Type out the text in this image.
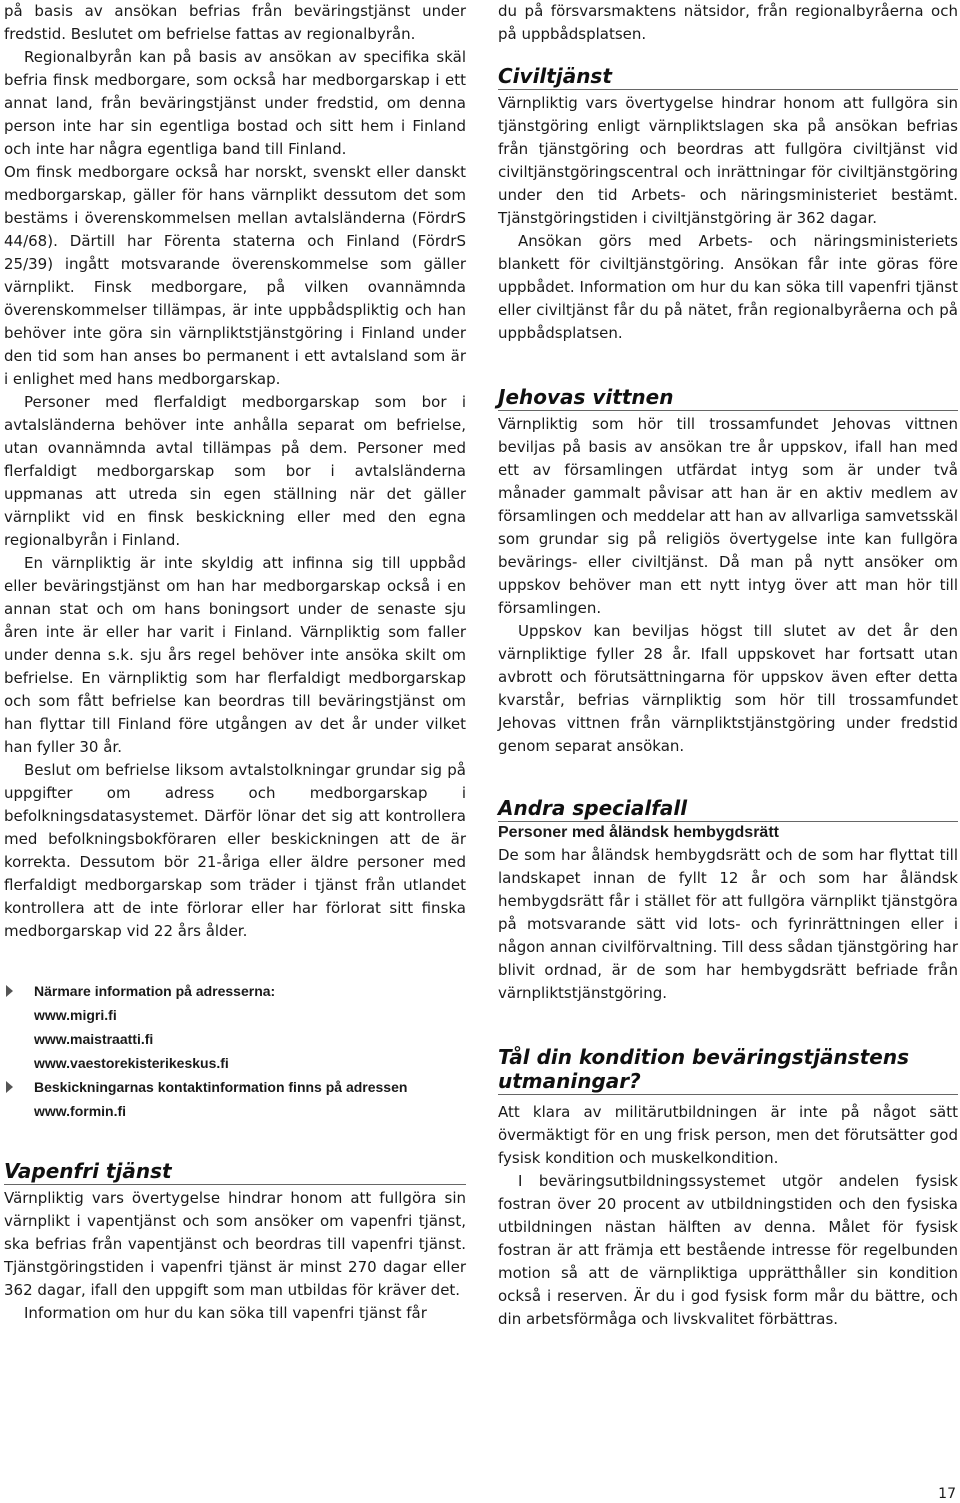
på basis av ansökan befrias från beväringstjänst under fredstid. Beslutet om befrielse fattas av regionalbyrån.

Regionalbyrån kan på basis av ansökan av specifika skäl befria finsk medborgare, som också har medborgarskap i ett annat land, från beväringstjänst under fredstid, om denna person inte har sin egentliga bostad och sitt hem i Finland och inte har några egentliga band till Finland.

Om finsk medborgare också har norskt, svenskt eller danskt medborgarskap, gäller för hans värnplikt dessutom det som bestäms i överenskommelsen mellan avtalsländerna (FördrS 44/68). Därtill har Förenta staterna och Finland (FördrS 25/39) ingått motsvarande överenskommelse som gäller värnplikt. Finsk medborgare, på vilken ovannämnda överenskommelser tillämpas, är inte uppbådspliktig och han behöver inte göra sin värnpliktstjänstgöring i Finland under den tid som han anses bo permanent i ett avtalsland som är i enlighet med hans medborgarskap.

Personer med flerfaldigt medborgarskap som bor i avtalsländerna behöver inte anhålla separat om befrielse, utan ovannämnda avtal tillämpas på dem. Personer med flerfaldigt medborgarskap som bor i avtalsländerna uppmanas att utreda sin egen ställning när det gäller värnplikt vid en finsk beskickning eller med den egna regionalbyrån i Finland.

En värnpliktig är inte skyldig att infinna sig till uppbåd eller beväringstjänst om han har medborgarskap också i en annan stat och om hans boningsort under de senaste sju åren inte är eller har varit i Finland. Värnpliktig som faller under denna s.k. sju års regel behöver inte ansöka skilt om befrielse. En värnpliktig som har flerfaldigt medborgarskap och som fått befrielse kan beordras till beväringstjänst om han flyttar till Finland före utgången av det år under vilket han fyller 30 år.

Beslut om befrielse liksom avtalstolkningar grundar sig på uppgifter om adress och medborgarskap i befolkningsdatasystemet. Därför lönar det sig att kontrollera med befolkningsbokföraren eller beskickningen att de är korrekta. Dessutom bör 21-åriga eller äldre personer med flerfaldigt medborgarskap som träder i tjänst från utlandet kontrollera att de inte förlorar eller har förlorat sitt finska medborgarskap vid 22 års ålder.

Närmare information på adresserna:
www.migri.fi
www.maistraatti.fi
www.vaestorekisterikeskus.fi
Beskickningarnas kontaktinformation finns på adressen
www.formin.fi
Vapenfri tjänst

Värnpliktig vars övertygelse hindrar honom att fullgöra sin värnplikt i vapentjänst och som ansöker om vapenfri tjänst, ska befrias från vapentjänst och beordras till vapenfri tjänst. Tjänstgöringstiden i vapenfri tjänst är minst 270 dagar eller 362 dagar, ifall den uppgift som man utbildas för kräver det.

Information om hur du kan söka till vapenfri tjänst får

du på försvarsmaktens nätsidor, från regionalbyråerna och på uppbådsplatsen.

Civiltjänst

Värnpliktig vars övertygelse hindrar honom att fullgöra sin tjänstgöring enligt värnpliktslagen ska på ansökan befrias från tjänstgöring och beordras att fullgöra civiltjänst vid civiltjänstgöringscentral och inrättningar för civiltjänstgöring under den tid Arbets- och näringsministeriet bestämt. Tjänstgöringstiden i civiltjänstgöring är 362 dagar.

Ansökan görs med Arbets- och näringsministeriets blankett för civiltjänstgöring. Ansökan får inte göras före uppbådet. Information om hur du kan söka till vapenfri tjänst eller civiltjänst får du på nätet, från regionalbyråerna och på uppbådsplatsen.

Jehovas vittnen

Värnpliktig som hör till trossamfundet Jehovas vittnen beviljas på basis av ansökan tre år uppskov, ifall han med ett av församlingen utfärdat intyg som är under två månader gammalt påvisar att han är en aktiv medlem av församlingen och meddelar att han av allvarliga samvetsskäl som grundar sig på religiös övertygelse inte kan fullgöra bevärings- eller civiltjänst. Då man på nytt ansöker om uppskov behöver man ett nytt intyg över att man hör till församlingen.

Uppskov kan beviljas högst till slutet av det år den värnpliktige fyller 28 år. Ifall uppskovet har fortsatt utan avbrott och förutsättningarna för uppskov även efter detta kvarstår, befrias värnpliktig som hör till trossamfundet Jehovas vittnen från värnpliktstjänstgöring under fredstid genom separat ansökan.

Andra specialfall
Personer med åländsk hembygdsrätt

De som har åländsk hembygdsrätt och de som har flyttat till landskapet innan de fyllt 12 år och som har åländsk hembygdsrätt får i stället för att fullgöra värnplikt tjänstgöra på motsvarande sätt vid lots- och fyrinrättningen eller i någon annan civilförvaltning. Till dess sådan tjänstgöring har blivit ordnad, är de som har hembygdsrätt befriade från värnpliktstjänstgöring.

Tål din kondition beväringstjänstens utmaningar?

Att klara av militärutbildningen är inte på något sätt övermäktigt för en ung frisk person, men det förutsätter god fysisk kondition och muskelkondition.

I beväringsutbildningssystemet utgör andelen fysisk fostran över 20 procent av utbildningstiden och den fysiska utbildningen nästan hälften av denna. Målet för fysisk fostran är att främja ett bestående intresse för regelbunden motion så att de värnpliktiga upprätthåller sin kondition också i reserven. Är du i god fysisk form mår du bättre, och din arbetsförmåga och livskvalitet förbättras.

17
